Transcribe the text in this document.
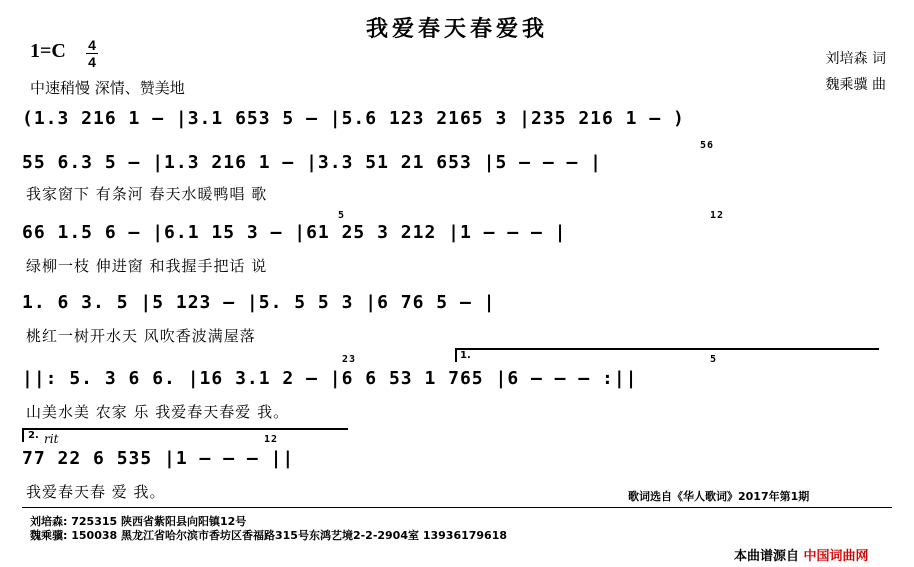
我爱春天春爱我
1=C 4
4
中速稍慢 深情、赞美地
刘培森 词
魏乘骥 曲
(1.3 216 1 – |3.1 653 5 – |5.6 123 2165 3 |235 216 1 – )
55 6.3 5 – |1.3 216 1 – |3.3 51 21 653 |5 – – – |
56
我家窗下 有条河 春天水暖鸭唱 歌
66 1.5 6 – |6.1 15 3 – |61 25 3 212 |1 – – – |
12
5
绿柳一枝 伸进窗 和我握手把话 说
1. 6 3. 5 |5 123 – |5. 5 5 3 |6 76 5 – |
桃红一树开水天 风吹香波满屋落
1.
||: 5. 3 6 6. |16 3.1 2 – |6 6 53 1 765 |6 – – – :||
23	5
山美水美 农家 乐 我爱春天春爱 我。
2. rit
77 22 6 535 |1 – – – ||
12
我爱春天春 爱 我。	歌词选自《华人歌词》2017年第1期
刘培森: 725315 陕西省紫阳县向阳镇12号
魏乘骥: 150038 黑龙江省哈尔滨市香坊区香福路315号东鸿艺境2-2-2904室 13936179618
本曲谱源自 中国词曲网
